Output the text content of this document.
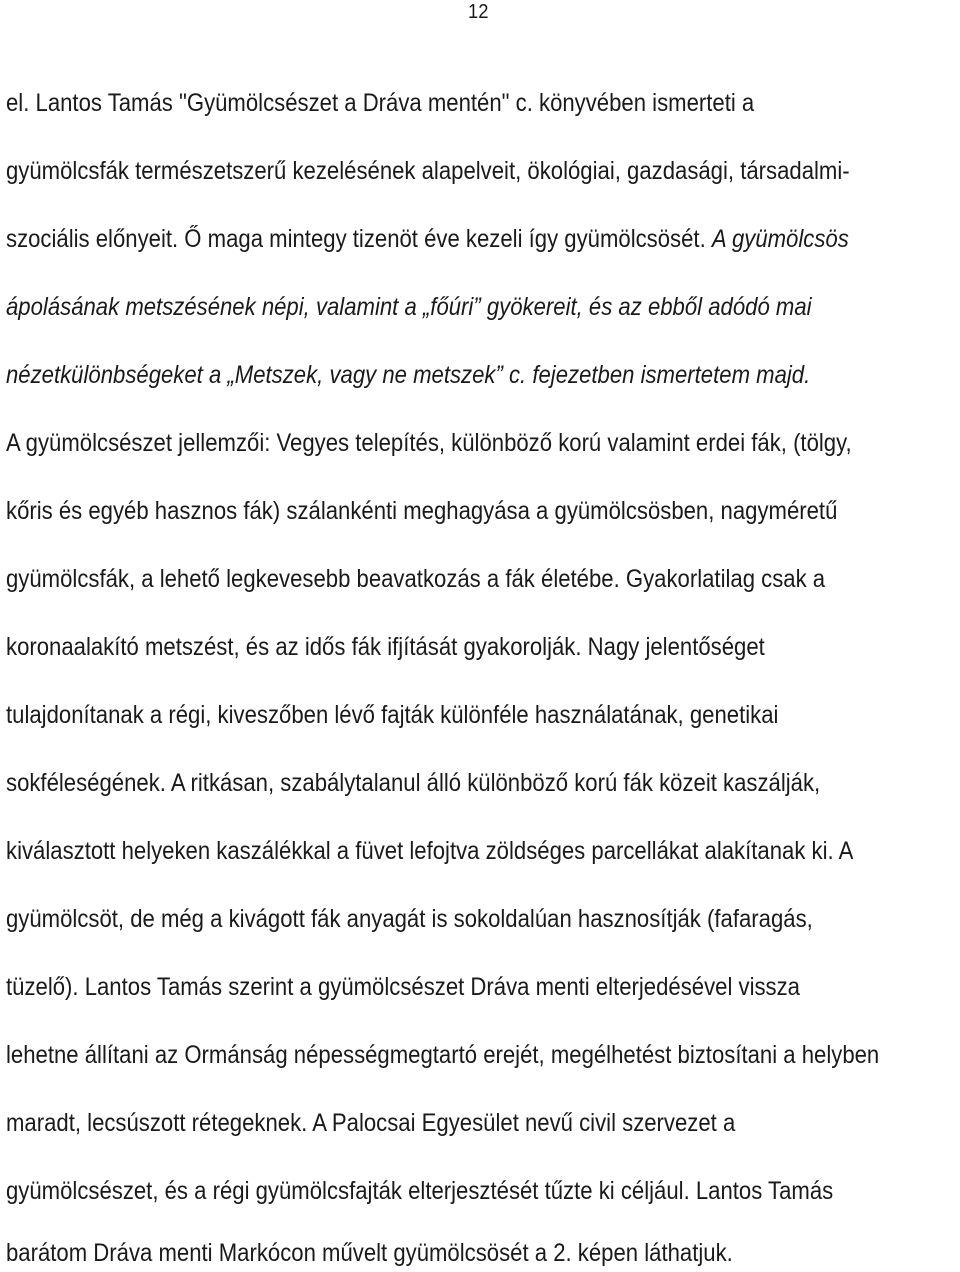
12
el. Lantos Tamás "Gyümölcsészet a Dráva mentén" c. könyvében ismerteti a
gyümölcsfák természetszerű kezelésének alapelveit, ökológiai, gazdasági, társadalmi-
szociális előnyeit. Ő maga mintegy tizenöt éve kezeli így gyümölcsösét. A gyümölcsös
ápolásának metszésének népi, valamint a „főúri” gyökereit, és az ebből adódó mai
nézetkülönbségeket a „Metszek, vagy ne metszek” c. fejezetben ismertetem majd.
A gyümölcsészet jellemzői: Vegyes telepítés, különböző korú valamint erdei fák, (tölgy,
kőris és egyéb hasznos fák) szálankénti meghagyása a gyümölcsösben, nagyméretű
gyümölcsfák, a lehető legkevesebb beavatkozás a fák életébe. Gyakorlatilag csak a
koronaalakító metszést, és az idős fák ifjítását gyakorolják. Nagy jelentőséget
tulajdonítanak a régi, kiveszőben lévő fajták különféle használatának, genetikai
sokféleségének. A ritkásan, szabálytalanul álló különböző korú fák közeit kaszálják,
kiválasztott helyeken kaszálékkal a füvet lefojtva zöldséges parcellákat alakítanak ki. A
gyümölcsöt, de még a kivágott fák anyagát is sokoldalúan hasznosítják (fafaragás,
tüzelő). Lantos Tamás szerint a gyümölcsészet Dráva menti elterjedésével vissza
lehetne állítani az Ormánság népességmegtartó erejét, megélhetést biztosítani a helyben
maradt, lecsúszott rétegeknek. A Palocsai Egyesület nevű civil szervezet a
gyümölcsészet, és a régi gyümölcsfajták elterjesztését tűzte ki céljául. Lantos Tamás
barátom Dráva menti Markócon művelt gyümölcsösét a 2. képen láthatjuk.
